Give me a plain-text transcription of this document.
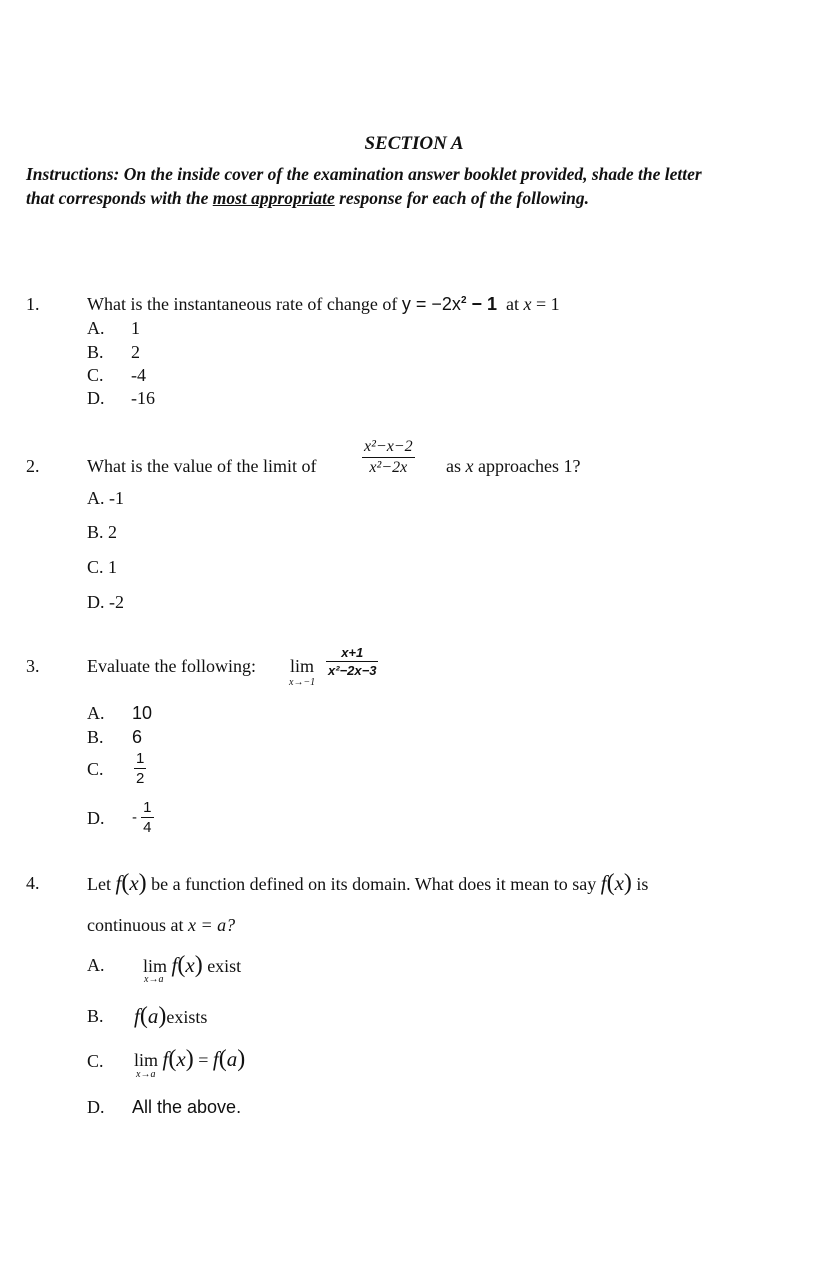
SECTION A
Instructions: On the inside cover of the examination answer booklet provided, shade the letter
that corresponds with the most appropriate response for each of the following.
1.	What is the instantaneous rate of change of $y = -2x^2 - 1$ at x = 1
A. 1
B. 2
C. -4
D. -16
2.	What is the value of the limit of	$\frac{\text{x²−x−2}}{\text{x²−2x}}$ as x approaches 1?
A. -1
B. 2
C. 1
D. -2
3.	Evaluate the following: lim
x→−1
$\frac{x+1}{\text{x²−2x−3}}$
A. 10
B. 6
C. $\frac{1}{2}$
D. - $\frac{1}{4}$
4.	Let f(x) be a function defined on its domain. What does it mean to say f(x) is
continuous at x = a?
A. lim f(x) exist
x→a
B. f(a)exists
C. lim f(x) = f(a)
x→a
D. All the above.
